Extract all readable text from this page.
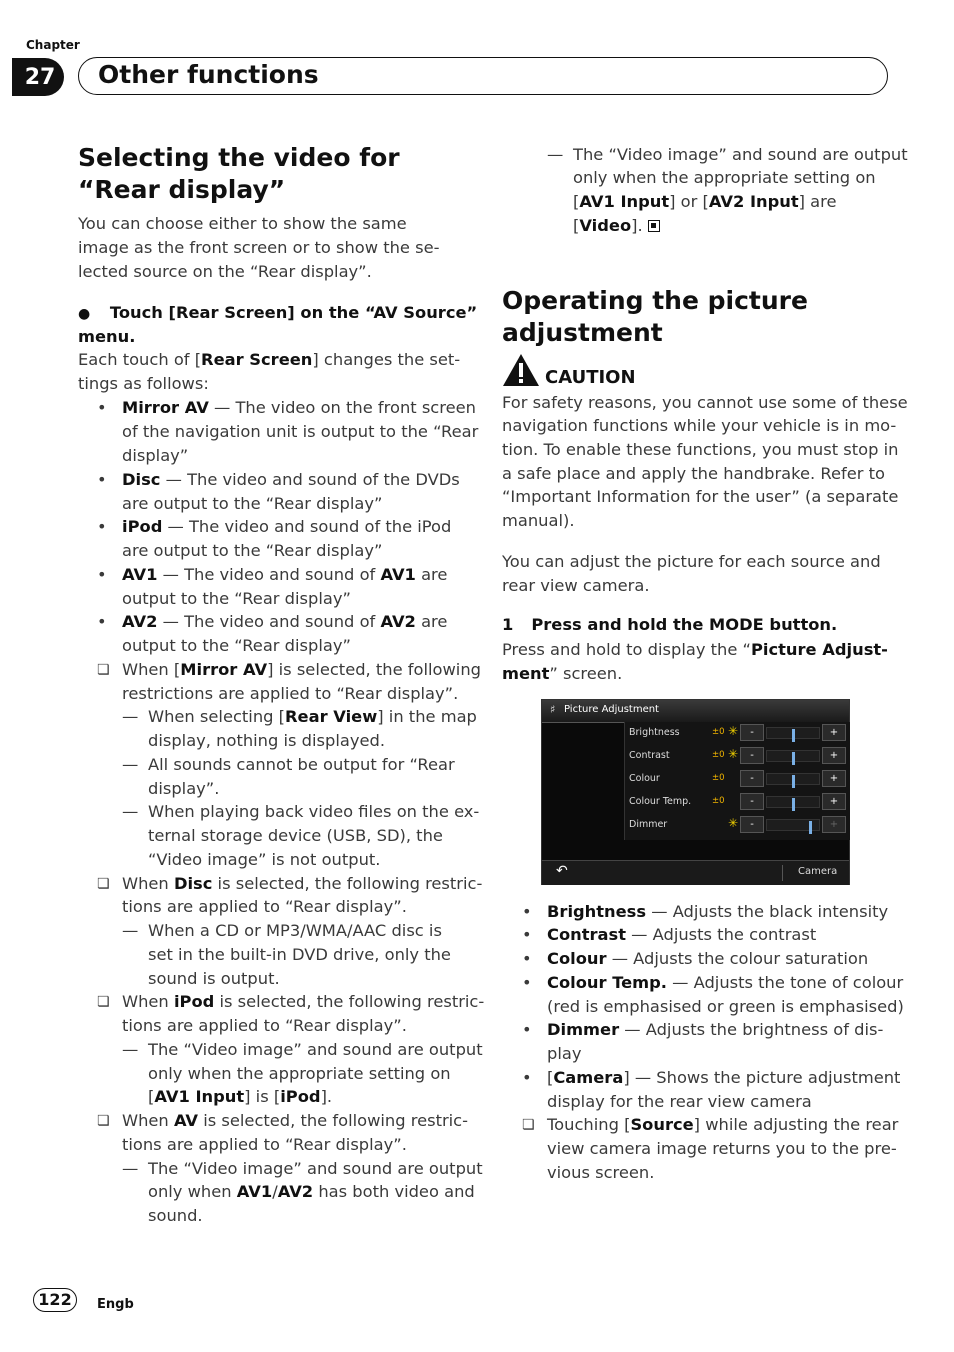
Chapter
27	Other functions
Selecting the video for
“Rear display”
You can choose either to show the same
image as the front screen or to show the se-
lected source on the “Rear display”.
● Touch [Rear Screen] on the “AV Source”
menu.
Each touch of [Rear Screen] changes the set-
tings as follows:
•
Mirror AV — The video on the front screen
of the navigation unit is output to the “Rear
display”
•
Disc — The video and sound of the DVDs
are output to the “Rear display”
•
iPod — The video and sound of the iPod
are output to the “Rear display”
•
AV1 — The video and sound of AV1 are
output to the “Rear display”
•
AV2 — The video and sound of AV2 are
output to the “Rear display”
❏ When [Mirror AV] is selected, the following
restrictions are applied to “Rear display”.
— When selecting [Rear View] in the map
display, nothing is displayed.
— All sounds cannot be output for “Rear
display”.
— When playing back video files on the ex-
ternal storage device (USB, SD), the
“Video image” is not output.
❏ When Disc is selected, the following restric-
tions are applied to “Rear display”.
— When a CD or MP3/WMA/AAC disc is
set in the built-in DVD drive, only the
sound is output.
❏ When iPod is selected, the following restric-
tions are applied to “Rear display”.
— The “Video image” and sound are output
only when the appropriate setting on
[AV1 Input] is [iPod].
❏ When AV is selected, the following restric-
tions are applied to “Rear display”.
— The “Video image” and sound are output
only when AV1/AV2 has both video and
sound.
— The “Video image” and sound are output
only when the appropriate setting on
[AV1 Input] or [AV2 Input] are
[Video].
Operating the picture
adjustment
CAUTION
For safety reasons, you cannot use some of these
navigation functions while your vehicle is in mo-
tion. To enable these functions, you must stop in
a safe place and apply the handbrake. Refer to
“Important Information for the user” (a separate
manual).
You can adjust the picture for each source and
rear view camera.
1 Press and hold the MODE button.
Press and hold to display the “Picture Adjust-
ment” screen.
♯ Picture Adjustment
Brightness	±0 ✳	-	+
Contrast	±0 ✳	-	+
Colour	±0	-	+
Colour Temp. ±0	-	+
Dimmer	✳	-	+
↶	Camera
•
Brightness — Adjusts the black intensity
•
Contrast — Adjusts the contrast
•
Colour — Adjusts the colour saturation
•
Colour Temp. — Adjusts the tone of colour
(red is emphasised or green is emphasised)
•
Dimmer — Adjusts the brightness of dis-
play
•
[Camera] — Shows the picture adjustment
display for the rear view camera
❏ Touching [Source] while adjusting the rear
view camera image returns you to the pre-
vious screen.
122	Engb
